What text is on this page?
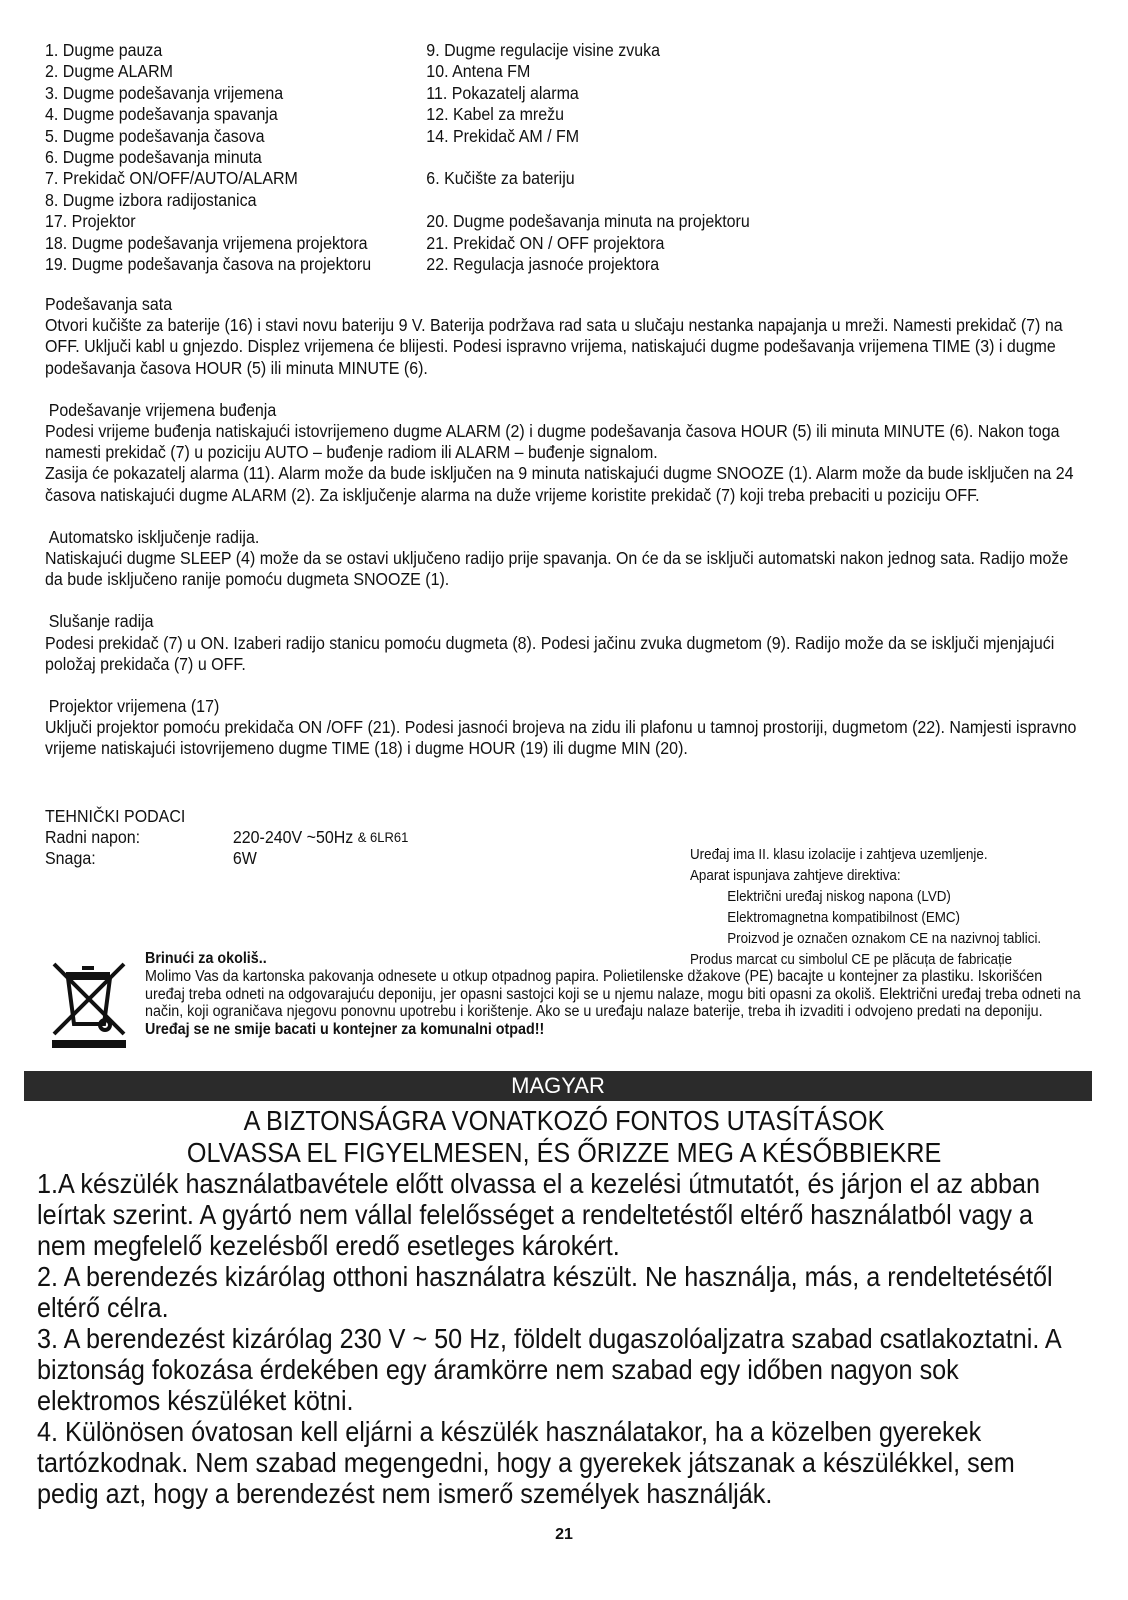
1. Dugme pauza	9. Dugme regulacije visine zvuka
2. Dugme ALARM	10. Antena FM
3. Dugme podešavanja vrijemena	11. Pokazatelj alarma
4. Dugme podešavanja spavanja	12. Kabel za mrežu
5. Dugme podešavanja časova	14. Prekidač AM / FM
6. Dugme podešavanja minuta
7. Prekidač ON/OFF/AUTO/ALARM	6. Kučište za bateriju
8. Dugme izbora radijostanica
17. Projektor	20. Dugme podešavanja minuta na projektoru
18. Dugme podešavanja vrijemena projektora	21. Prekidač ON / OFF projektora
19. Dugme podešavanja časova na projektoru	22. Regulacja jasnoće projektora
Podešavanja sata
Otvori kučište za baterije (16) i stavi novu bateriju 9 V. Baterija podržava rad sata u slučaju nestanka napajanja u mreži. Namesti prekidač (7) na OFF. Uključi kabl u gnjezdo. Displez vrijemena će blijesti. Podesi ispravno vrijema, natiskajući dugme podešavanja vrijemena TIME (3) i dugme podešavanja časova HOUR (5) ili minuta MINUTE (6).
Podešavanje vrijemena buđenja
Podesi vrijeme buđenja natiskajući istovrijemeno dugme ALARM (2) i dugme podešavanja časova HOUR (5) ili minuta MINUTE (6). Nakon toga namesti prekidač (7) u poziciju AUTO – buđenje radiom ili ALARM – buđenje signalom.
Zasija će pokazatelj alarma (11). Alarm može da bude isključen na 9 minuta natiskajući dugme SNOOZE (1). Alarm može da bude isključen na 24 časova natiskajući dugme ALARM (2). Za isključenje alarma na duže vrijeme koristite prekidač (7) koji treba prebaciti u poziciju OFF.
Automatsko isključenje radija.
Natiskajući dugme SLEEP (4) može da se ostavi uključeno radijo prije spavanja. On će da se isključi automatski nakon jednog sata. Radijo može da bude isključeno ranije pomoću dugmeta SNOOZE (1).
Slušanje radija
Podesi prekidač (7) u ON. Izaberi radijo stanicu pomoću dugmeta (8). Podesi jačinu zvuka dugmetom (9). Radijo može da se isključi mjenjajući položaj prekidača (7) u OFF.
Projektor vrijemena (17)
Uključi projektor pomoću prekidača ON /OFF (21). Podesi jasnoći brojeva na zidu ili plafonu u tamnoj prostoriji, dugmetom (22). Namjesti ispravno vrijeme natiskajući istovrijemeno dugme TIME (18) i dugme HOUR (19) ili dugme MIN (20).
TEHNIČKI PODACI
Radni napon:	220-240V ~50Hz
& 6LR61
Snaga:	6W	Uređaj ima II. klasu izolacije i zahtjeva uzemljenje.
Aparat ispunjava zahtjeve direktiva:
Električni uređaj niskog napona (LVD)
Elektromagnetna kompatibilnost (EMC)
Proizvod je označen oznakom CE na nazivnoj tablici.
Produs marcat cu simbolul CE pe plăcuța de fabricație
Brinući za okoliš..
Molimo Vas da kartonska pakovanja odnesete u otkup otpadnog papira. Polietilenske džakove (PE) bacajte u kontejner za plastiku. Iskorišćen uređaj treba odneti na odgovarajuću deponiju, jer opasni sastojci koji se u njemu nalaze, mogu biti opasni za okoliš. Električni uređaj treba odneti na način, koji ograničava njegovu ponovnu upotrebu i korištenje. Ako se u uređaju nalaze baterije, treba ih izvaditi i odvojeno predati na deponiju.
Uređaj se ne smije bacati u kontejner za komunalni otpad!!
MAGYAR
A BIZTONSÁGRA VONATKOZÓ FONTOS UTASÍTÁSOK
OLVASSA EL FIGYELMESEN, ÉS ŐRIZZE MEG A KÉSŐBBIEKRE

1.A készülék használatbavétele előtt olvassa el a kezelési útmutatót, és járjon el az abban leírtak szerint. A gyártó nem vállal felelősséget a rendeltetéstől eltérő használatból vagy a nem megfelelő kezelésből eredő esetleges károkért.

2. A berendezés kizárólag otthoni használatra készült. Ne használja, más, a rendeltetésétől eltérő célra.

3. A berendezést kizárólag 230 V ~ 50 Hz, földelt dugaszolóaljzatra szabad csatlakoztatni. A biztonság fokozása érdekében egy áramkörre nem szabad egy időben nagyon sok elektromos készüléket kötni.

4. Különösen óvatosan kell eljárni a készülék használatakor, ha a közelben gyerekek tartózkodnak. Nem szabad megengedni, hogy a gyerekek játszanak a készülékkel, sem pedig azt, hogy a berendezést nem ismerő személyek használják.

21
